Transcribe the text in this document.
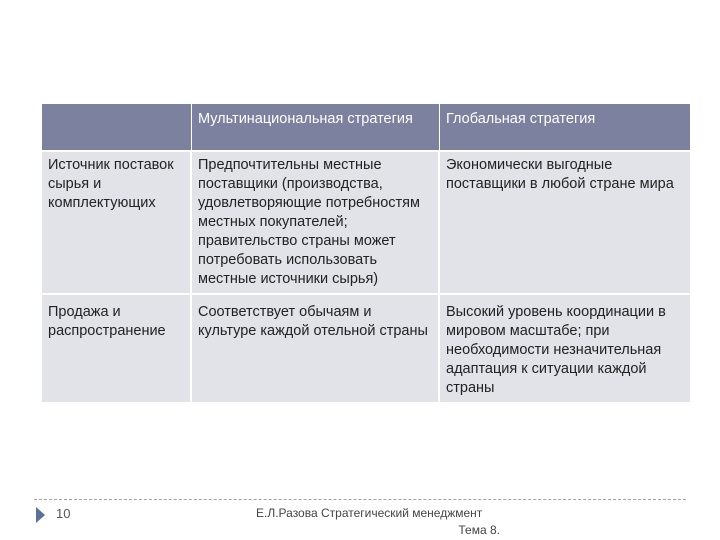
	Мультинациональная стратегия	Глобальная стратегия
Источник поставок сырья и комплектующих	Предпочтительны местные поставщики (производства, удовлетворяющие потребностям местных покупателей; правительство страны может потребовать использовать местные источники сырья)	Экономически выгодные поставщики в любой стране мира
Продажа и распространение	Соответствует обычаям и культуре каждой отельной страны	Высокий уровень координации в мировом масштабе; при необходимости незначительная адаптация к ситуации каждой страны
10	Е.Л.Разова Стратегический менеджмент
Тема 8.
